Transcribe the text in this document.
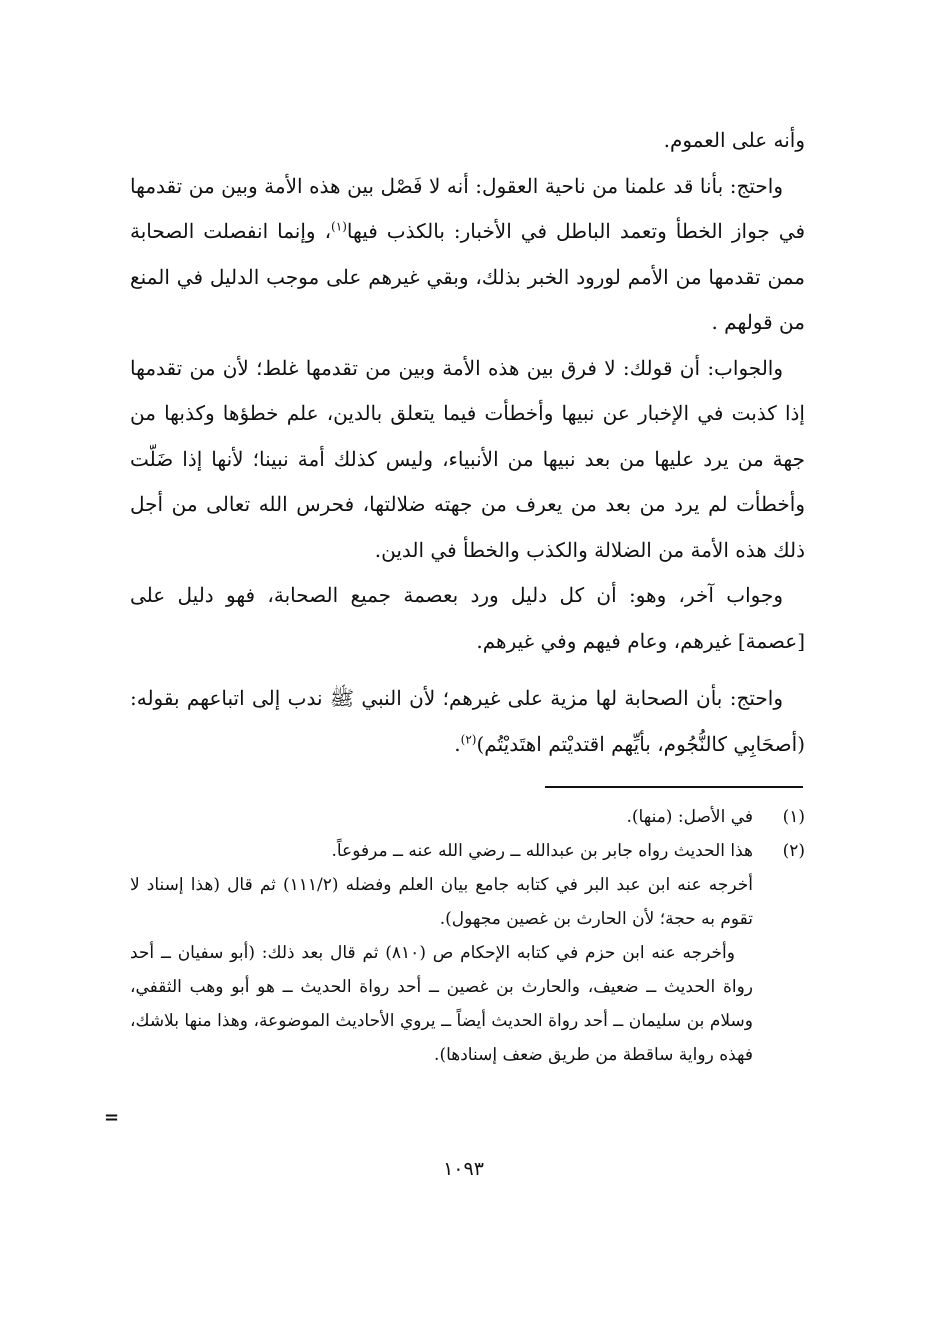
وأنه على العموم.

واحتج: بأنا قد علمنا من ناحية العقول: أنه لا فَصْل بين هذه الأمة وبين من تقدمها في جواز الخطأ وتعمد الباطل في الأخبار: بالكذب فيها$^{(١)}$، وإنما انفصلت الصحابة ممن تقدمها من الأمم لورود الخبر بذلك، وبقي غيرهم على موجب الدليل في المنع من قولهم .

والجواب: أن قولك: لا فرق بين هذه الأمة وبين من تقدمها غلط؛ لأن من تقدمها إذا كذبت في الإخبار عن نبيها وأخطأت فيما يتعلق بالدين، علم خطؤها وكذبها من جهة من يرد عليها من بعد نبيها من الأنبياء، وليس كذلك أمة نبينا؛ لأنها إذا ضَلّت وأخطأت لم يرد من بعد من يعرف من جهته ضلالتها، فحرس الله تعالى من أجل ذلك هذه الأمة من الضلالة والكذب والخطأ في الدين.

وجواب آخر، وهو: أن كل دليل ورد بعصمة جميع الصحابة، فهو دليل على [عصمة] غيرهم، وعام فيهم وفي غيرهم.

واحتج: بأن الصحابة لها مزية على غيرهم؛ لأن النبي ﷺ ندب إلى اتباعهم بقوله: (أصحَابِي كالنُّجُوم، بأيِّهم اقتديْتم اهتَديْتُم)$^{(٢)}$.

(١)

في الأصل: (منها).

(٢)

هذا الحديث رواه جابر بن عبدالله ــ رضي الله عنه ــ مرفوعاً.

أخرجه عنه ابن عبد البر في كتابه جامع بيان العلم وفضله (١١١/٢) ثم قال (هذا إسناد لا تقوم به حجة؛ لأن الحارث بن غصين مجهول).

وأخرجه عنه ابن حزم في كتابه الإحكام ص (٨١٠) ثم قال بعد ذلك: (أبو سفيان ــ أحد رواة الحديث ــ ضعيف، والحارث بن غصين ــ أحد رواة الحديث ــ هو أبو وهب الثقفي، وسلام بن سليمان ــ أحد رواة الحديث أيضاً ــ يروي الأحاديث الموضوعة، وهذا منها بلاشك، فهذه رواية ساقطة من طريق ضعف إسنادها).

=
١٠٩٣
